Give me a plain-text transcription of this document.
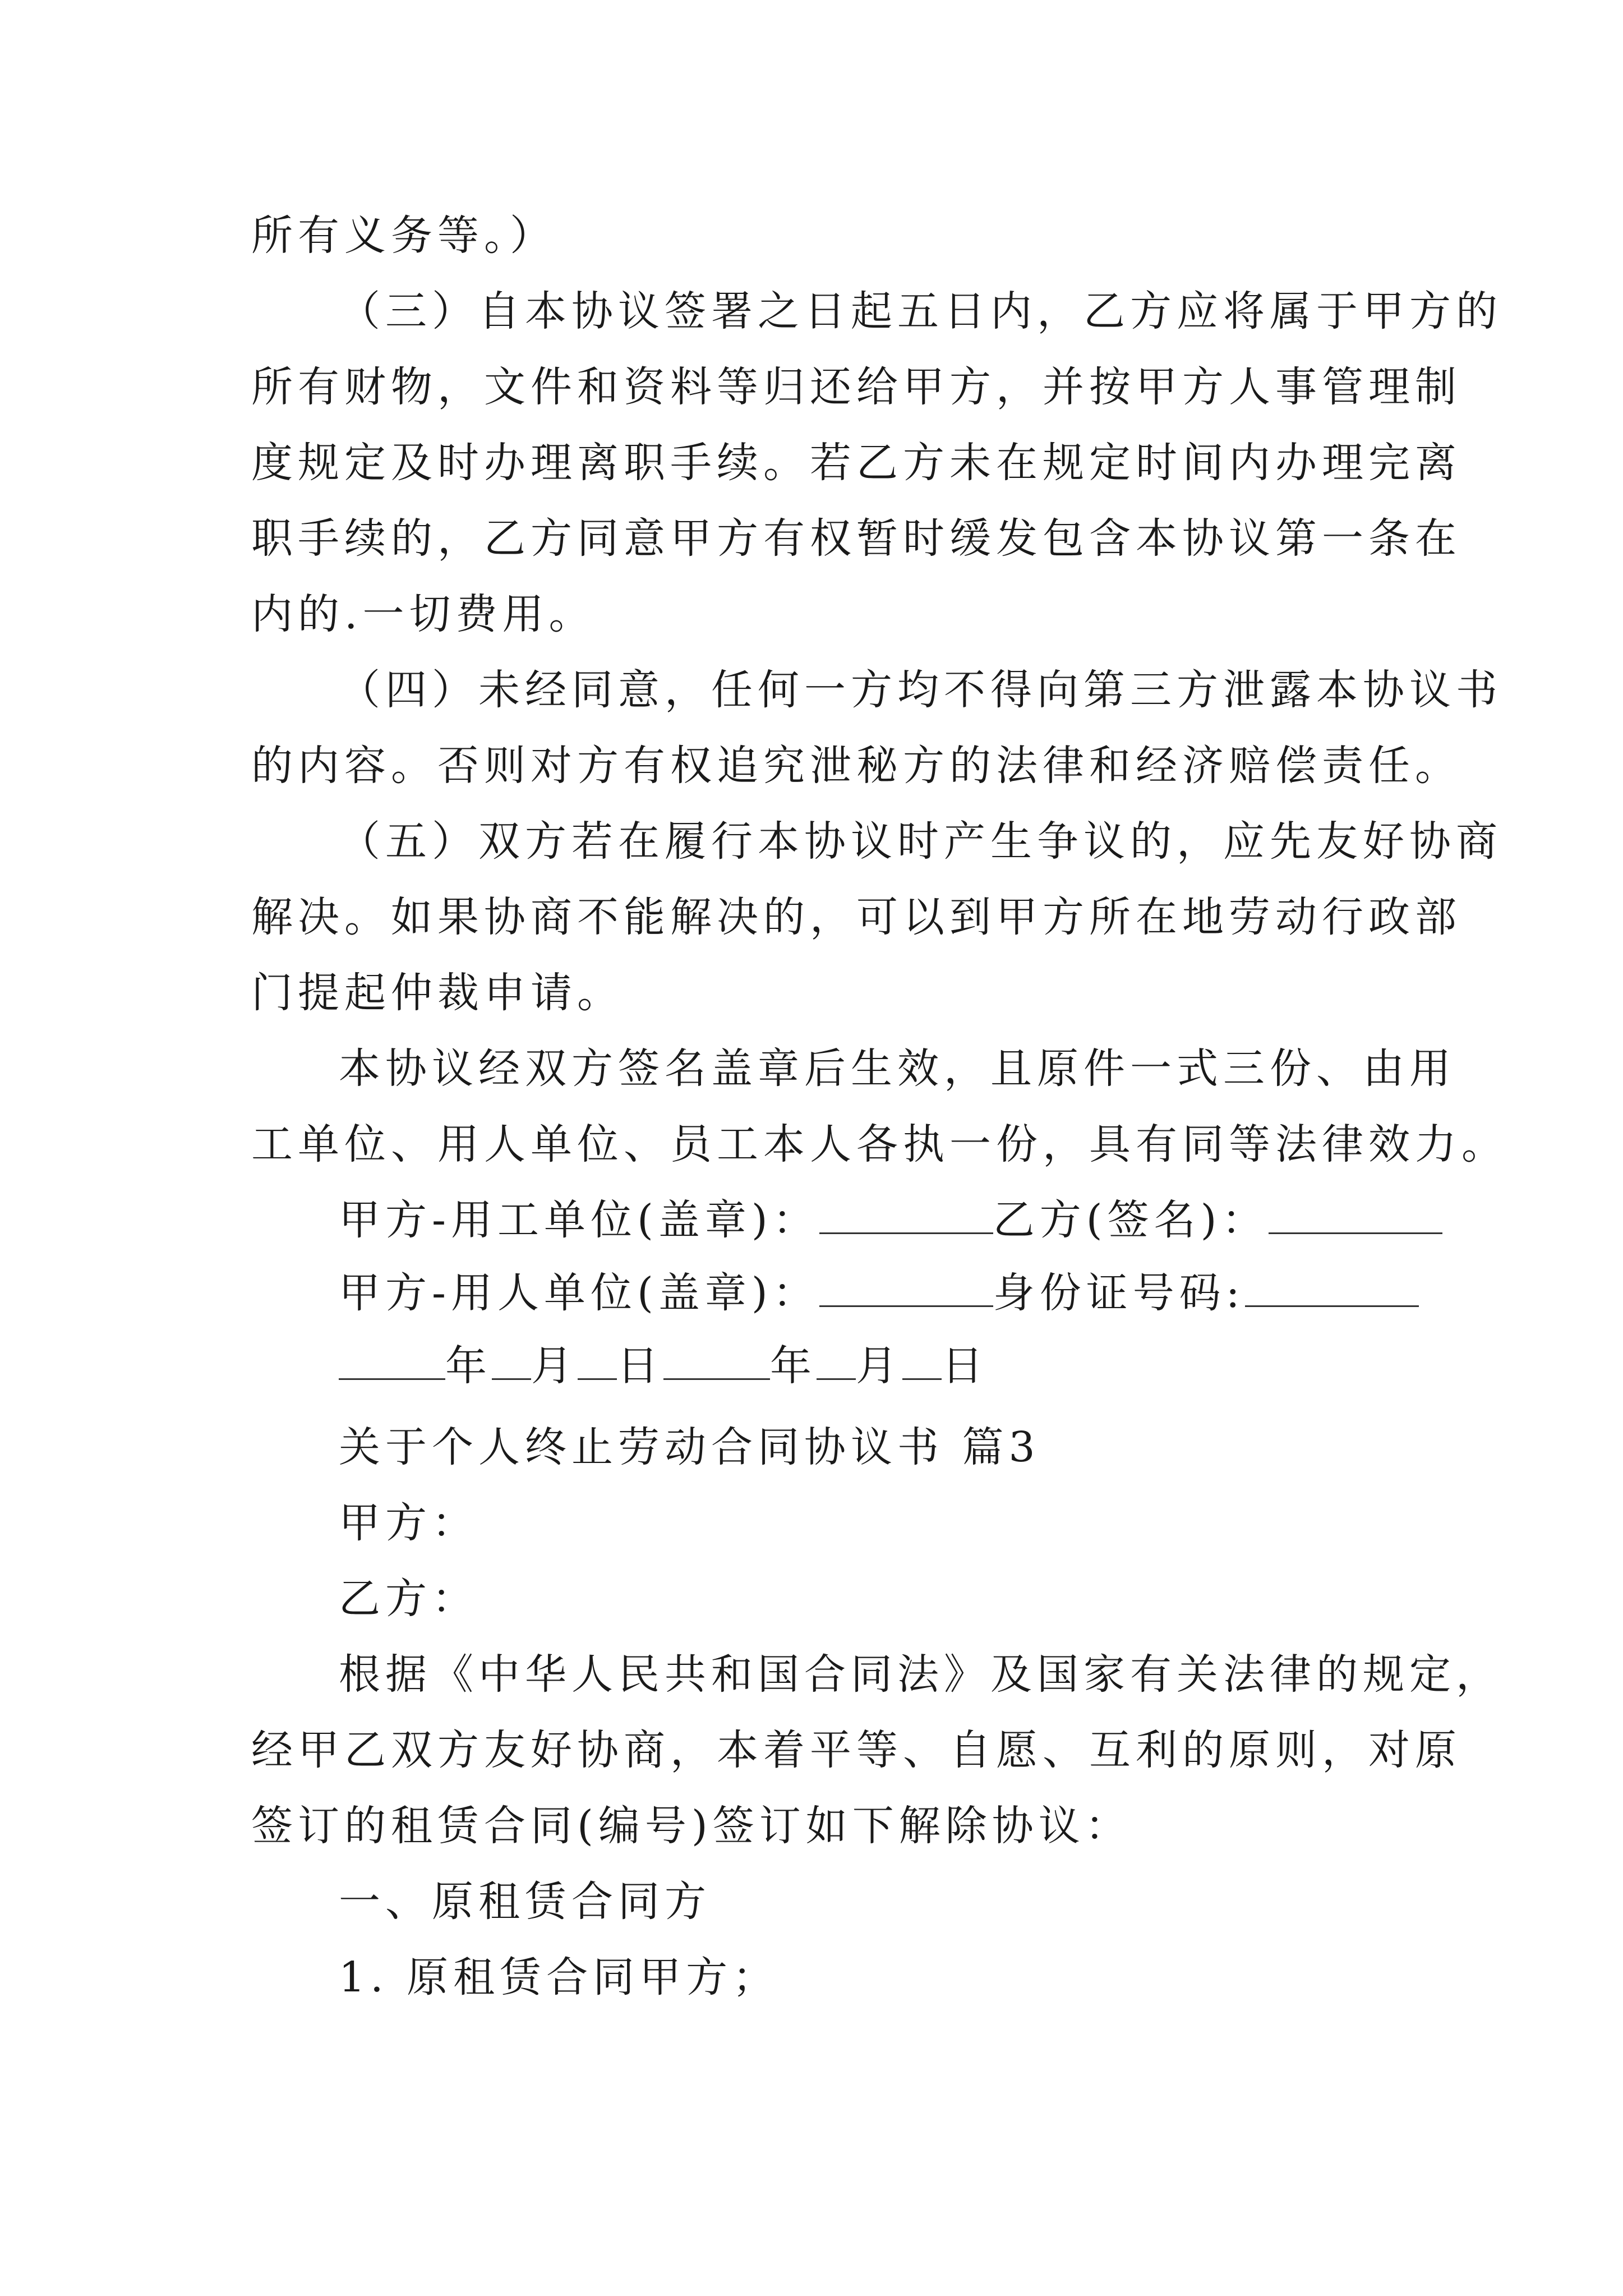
所有义务等。）
（三）自本协议签署之日起五日内，乙方应将属于甲方的
所有财物，文件和资料等归还给甲方，并按甲方人事管理制
度规定及时办理离职手续。若乙方未在规定时间内办理完离
职手续的，乙方同意甲方有权暂时缓发包含本协议第一条在
内的.一切费用。
（四）未经同意，任何一方均不得向第三方泄露本协议书
的内容。否则对方有权追究泄秘方的法律和经济赔偿责任。
（五）双方若在履行本协议时产生争议的，应先友好协商
解决。如果协商不能解决的，可以到甲方所在地劳动行政部
门提起仲裁申请。
本协议经双方签名盖章后生效，且原件一式三份、由用
工单位、用人单位、员工本人各执一份，具有同等法律效力。
甲方-用工单位(盖章)：	乙方(签名)：
甲方-用人单位(盖章)：	身份证号码:
年 月 日	年 月 日
关于个人终止劳动合同协议书 篇3
甲方：
乙方：
根据《中华人民共和国合同法》及国家有关法律的规定，
经甲乙双方友好协商，本着平等、自愿、互利的原则，对原
签订的租赁合同(编号)签订如下解除协议：
一、原租赁合同方
1. 原租赁合同甲方；
